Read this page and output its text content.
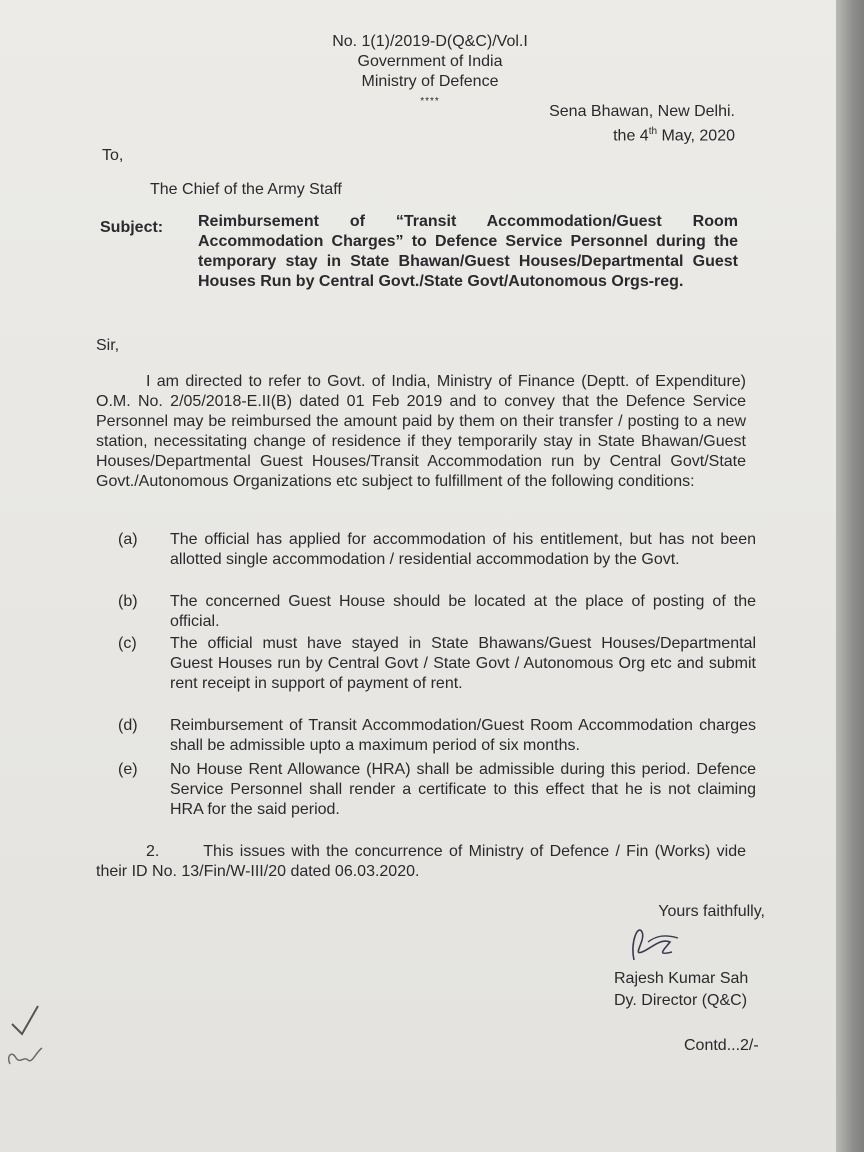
No. 1(1)/2019-D(Q&C)/Vol.I
Government of India
Ministry of Defence
****
Sena Bhawan, New Delhi.
the 4th May, 2020
To,
The Chief of the Army Staff
Subject: Reimbursement of “Transit Accommodation/Guest Room Accommodation Charges” to Defence Service Personnel during the temporary stay in State Bhawan/Guest Houses/Departmental Guest Houses Run by Central Govt./State Govt/Autonomous Orgs-reg.
Sir,
I am directed to refer to Govt. of India, Ministry of Finance (Deptt. of Expenditure) O.M. No. 2/05/2018-E.II(B) dated 01 Feb 2019 and to convey that the Defence Service Personnel may be reimbursed the amount paid by them on their transfer / posting to a new station, necessitating change of residence if they temporarily stay in State Bhawan/Guest Houses/Departmental Guest Houses/Transit Accommodation run by Central Govt/State Govt./Autonomous Organizations etc subject to fulfillment of the following conditions:
(a) The official has applied for accommodation of his entitlement, but has not been allotted single accommodation / residential accommodation by the Govt.
(b) The concerned Guest House should be located at the place of posting of the official.
(c) The official must have stayed in State Bhawans/Guest Houses/Departmental Guest Houses run by Central Govt / State Govt / Autonomous Org etc and submit rent receipt in support of payment of rent.
(d) Reimbursement of Transit Accommodation/Guest Room Accommodation charges shall be admissible upto a maximum period of six months.
(e) No House Rent Allowance (HRA) shall be admissible during this period. Defence Service Personnel shall render a certificate to this effect that he is not claiming HRA for the said period.
2.	This issues with the concurrence of Ministry of Defence / Fin (Works) vide their ID No. 13/Fin/W-III/20 dated 06.03.2020.
Yours faithfully,
Rajesh Kumar Sah
Dy. Director (Q&C)
Contd...2/-
